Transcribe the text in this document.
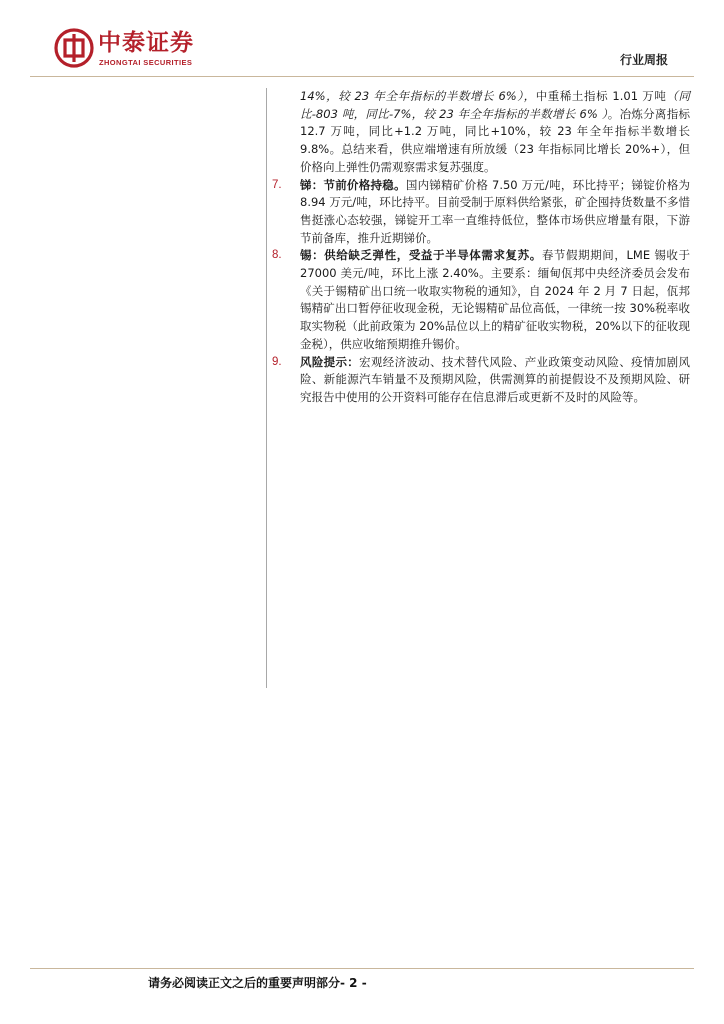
中泰证券
ZHONGTAI SECURITIES	行业周报

14%，较 23 年全年指标的半数增长 6%），中重稀土指标 1.01 万吨（同比-803 吨，同比-7%，较 23 年全年指标的半数增长 6% ）。冶炼分离指标 12.7 万吨，同比+1.2 万吨，同比+10%，较 23 年全年指标半数增长 9.8%。总结来看，供应端增速有所放缓（23 年指标同比增长 20%+），但价格向上弹性仍需观察需求复苏强度。

7. 锑：节前价格持稳。国内锑精矿价格 7.50 万元/吨，环比持平；锑锭价格为 8.94 万元/吨，环比持平。目前受制于原料供给紧张，矿企囤持货数量不多惜售挺涨心态较强，锑锭开工率一直维持低位，整体市场供应增量有限，下游节前备库，推升近期锑价。
8. 锡：供给缺乏弹性，受益于半导体需求复苏。春节假期期间，LME 锡收于 27000 美元/吨，环比上涨 2.40%。主要系：缅甸佤邦中央经济委员会发布《关于锡精矿出口统一收取实物税的通知》，自 2024 年 2 月 7 日起，佤邦锡精矿出口暂停征收现金税，无论锡精矿品位高低，一律统一按 30%税率收取实物税（此前政策为 20%品位以上的精矿征收实物税，20%以下的征收现金税），供应收缩预期推升锡价。
9. 风险提示：宏观经济波动、技术替代风险、产业政策变动风险、疫情加剧风险、新能源汽车销量不及预期风险，供需测算的前提假设不及预期风险、研究报告中使用的公开资料可能存在信息滞后或更新不及时的风险等。
请务必阅读正文之后的重要声明部分- 2 -
